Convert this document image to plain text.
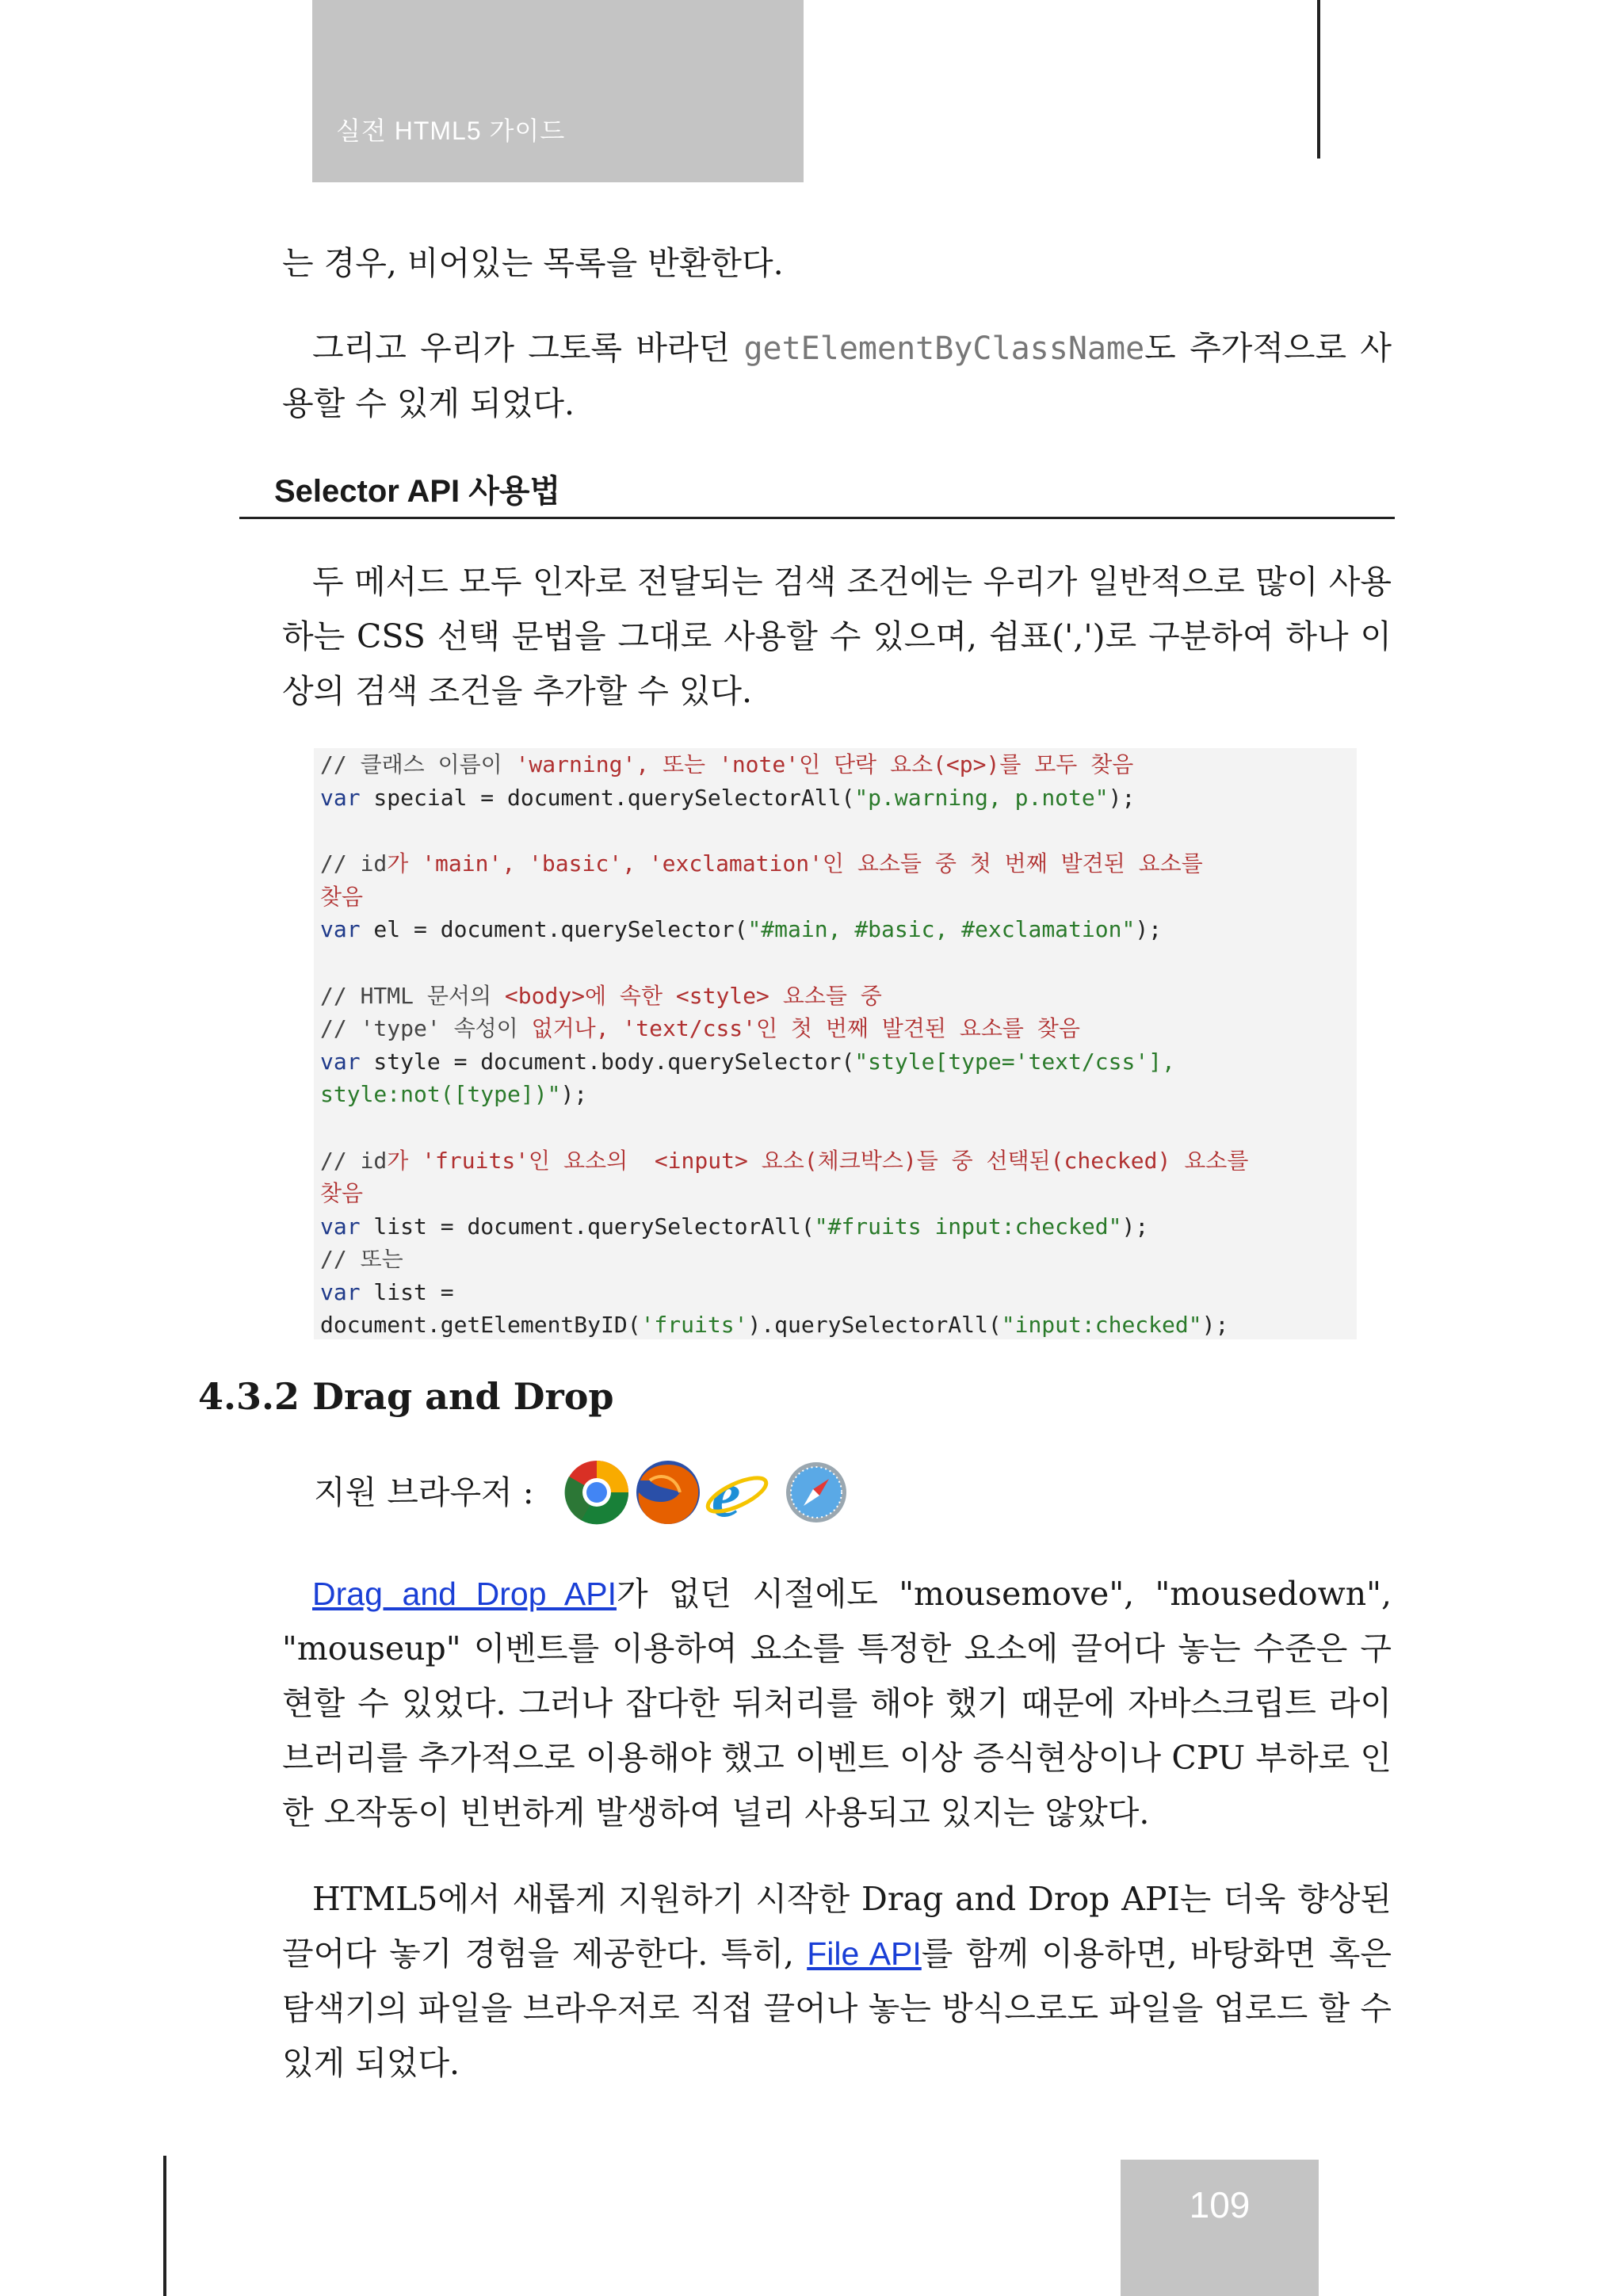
실전 HTML5 가이드

는 경우, 비어있는 목록을 반환한다.

그리고 우리가 그토록 바라던 getElementByClassName도 추가적으로 사용할 수 있게 되었다.

Selector API 사용법

두 메서드 모두 인자로 전달되는 검색 조건에는 우리가 일반적으로 많이 사용하는 CSS 선택 문법을 그대로 사용할 수 있으며, 쉼표(',')로 구분하여 하나 이상의 검색 조건을 추가할 수 있다.

// 클래스 이름이 'warning', 또는 'note'인 단락 요소(<p>)를 모두 찾음
var special = document.querySelectorAll("p.warning, p.note");
// id가 'main', 'basic', 'exclamation'인 요소들 중 첫 번째 발견된 요소를
찾음
var el = document.querySelector("#main, #basic, #exclamation");
// HTML 문서의 <body>에 속한 <style> 요소들 중
// 'type' 속성이 없거나, 'text/css'인 첫 번째 발견된 요소를 찾음
var style = document.body.querySelector("style[type='text/css'],
style:not([type])");
// id가 'fruits'인 요소의  <input> 요소(체크박스)들 중 선택된(checked) 요소를
찾음
var list = document.querySelectorAll("#fruits input:checked");
// 또는
var list =
document.getElementByID('fruits').querySelectorAll("input:checked");
4.3.2 Drag and Drop
지원 브라우저 :	e

Drag and Drop API가 없던 시절에도 "mousemove", "mousedown", "mouseup" 이벤트를 이용하여 요소를 특정한 요소에 끌어다 놓는 수준은 구현할 수 있었다. 그러나 잡다한 뒤처리를 해야 했기 때문에 자바스크립트 라이브러리를 추가적으로 이용해야 했고 이벤트 이상 증식현상이나 CPU 부하로 인한 오작동이 빈번하게 발생하여 널리 사용되고 있지는 않았다.

HTML5에서 새롭게 지원하기 시작한 Drag and Drop API는 더욱 향상된 끌어다 놓기 경험을 제공한다. 특히, File API를 함께 이용하면, 바탕화면 혹은 탐색기의 파일을 브라우저로 직접 끌어나 놓는 방식으로도 파일을 업로드 할 수 있게 되었다.

109
